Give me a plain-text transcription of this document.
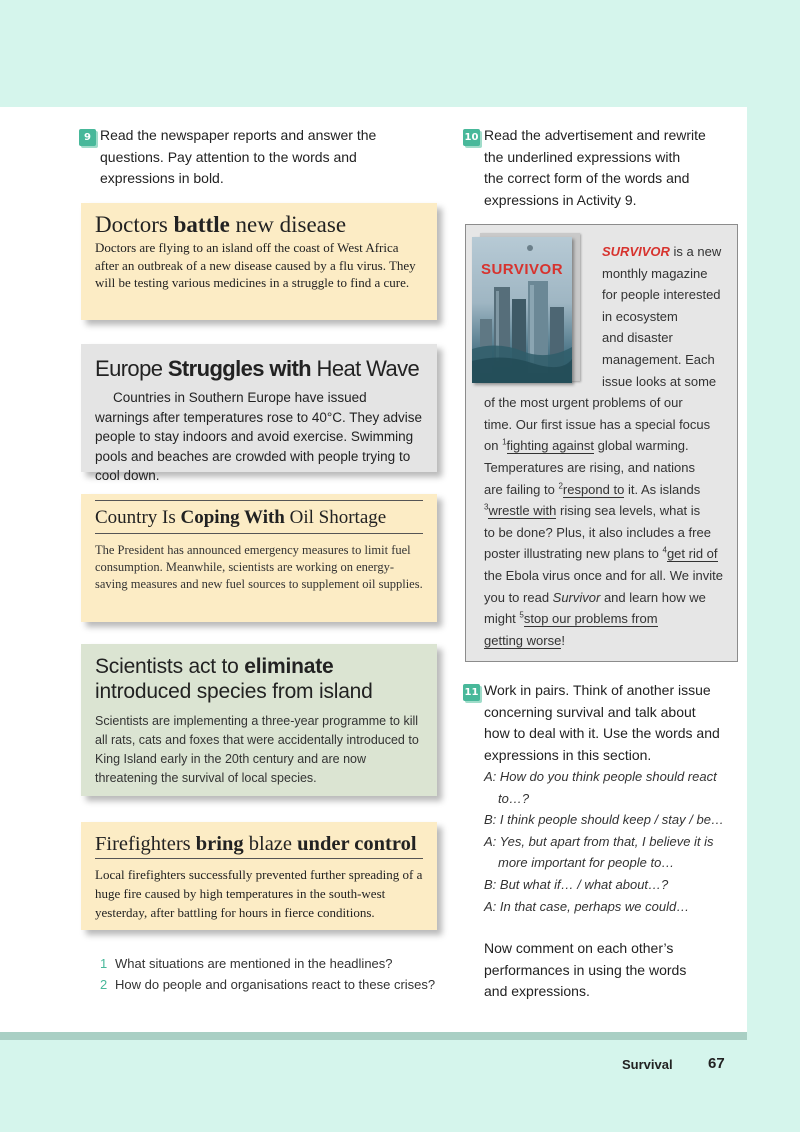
9 Read the newspaper reports and answer the
questions. Pay attention to the words and
expressions in bold.
Doctors battle new disease

Doctors are flying to an island off the coast of West Africa after an outbreak of a new disease caused by a flu virus. They will be testing various medicines in a struggle to find a cure.

Europe Struggles with Heat Wave

Countries in Southern Europe have issued warnings after temperatures rose to 40°C. They advise people to stay indoors and avoid exercise. Swimming pools and beaches are crowded with people trying to cool down.

Country Is Coping With Oil Shortage

The President has announced emergency measures to limit fuel consumption. Meanwhile, scientists are working on energy-saving measures and new fuel sources to supplement oil supplies.

Scientists act to eliminate
introduced species from island

Scientists are implementing a three-year programme to kill all rats, cats and foxes that were accidentally introduced to King Island early in the 20th century and are now threatening the survival of local species.

Firefighters bring blaze under control

Local firefighters successfully prevented further spreading of a huge fire caused by high temperatures in the south-west yesterday, after battling for hours in fierce conditions.

1 What situations are mentioned in the headlines?
2 How do people and organisations react to these crises?
10 Read the advertisement and rewrite
the underlined expressions with
the correct form of the words and
expressions in Activity 9.
SURVIVOR
SURVIVOR is a new
monthly magazine
for people interested
in ecosystem
and disaster
management. Each
issue looks at some
of the most urgent problems of our
time. Our first issue has a special focus
on $^1$fighting against global warming.
Temperatures are rising, and nations
are failing to $^2$respond to it. As islands
$^3$wrestle with rising sea levels, what is
to be done? Plus, it also includes a free
poster illustrating new plans to $^4$get rid of
the Ebola virus once and for all. We invite
you to read Survivor and learn how we
might $^5$stop our problems from
getting worse!
11 Work in pairs. Think of another issue
concerning survival and talk about
how to deal with it. Use the words and
expressions in this section.
A: How do you think people should react
to…?
B: I think people should keep / stay / be…
A: Yes, but apart from that, I believe it is
more important for people to…
B: But what if… / what about…?
A: In that case, perhaps we could…
Now comment on each other’s
performances in using the words
and expressions.
Survival 67
